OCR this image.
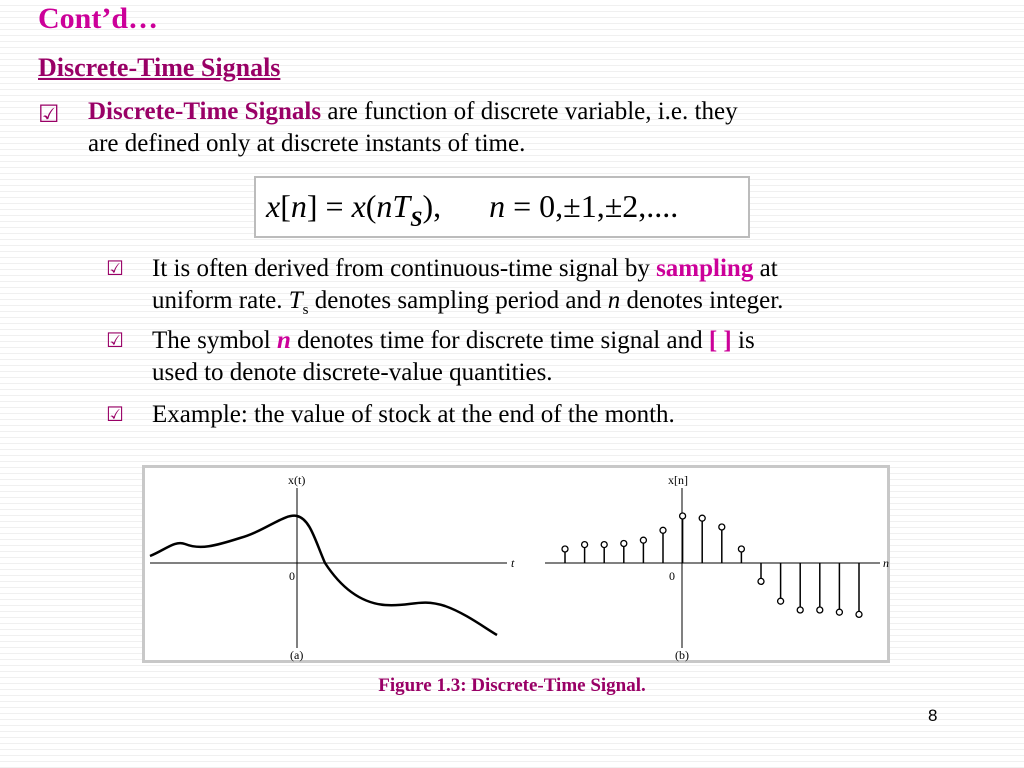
Cont’d…
Discrete-Time Signals
☑ Discrete-Time Signals are function of discrete variable, i.e. they
are defined only at discrete instants of time.
$x[n] = x(nT_S)$, n = 0,±1,±2,....
☑ It is often derived from continuous-time signal by sampling at
uniform rate. $T_s$ denotes sampling period and n denotes integer.
☑ The symbol n denotes time for discrete time signal and [ ] is
used to denote discrete-value quantities.
☑ Example: the value of stock at the end of the month.
x(t)
t
0
(a)
x[n]
n
0
(b)
Figure 1.3: Discrete-Time Signal.
8
